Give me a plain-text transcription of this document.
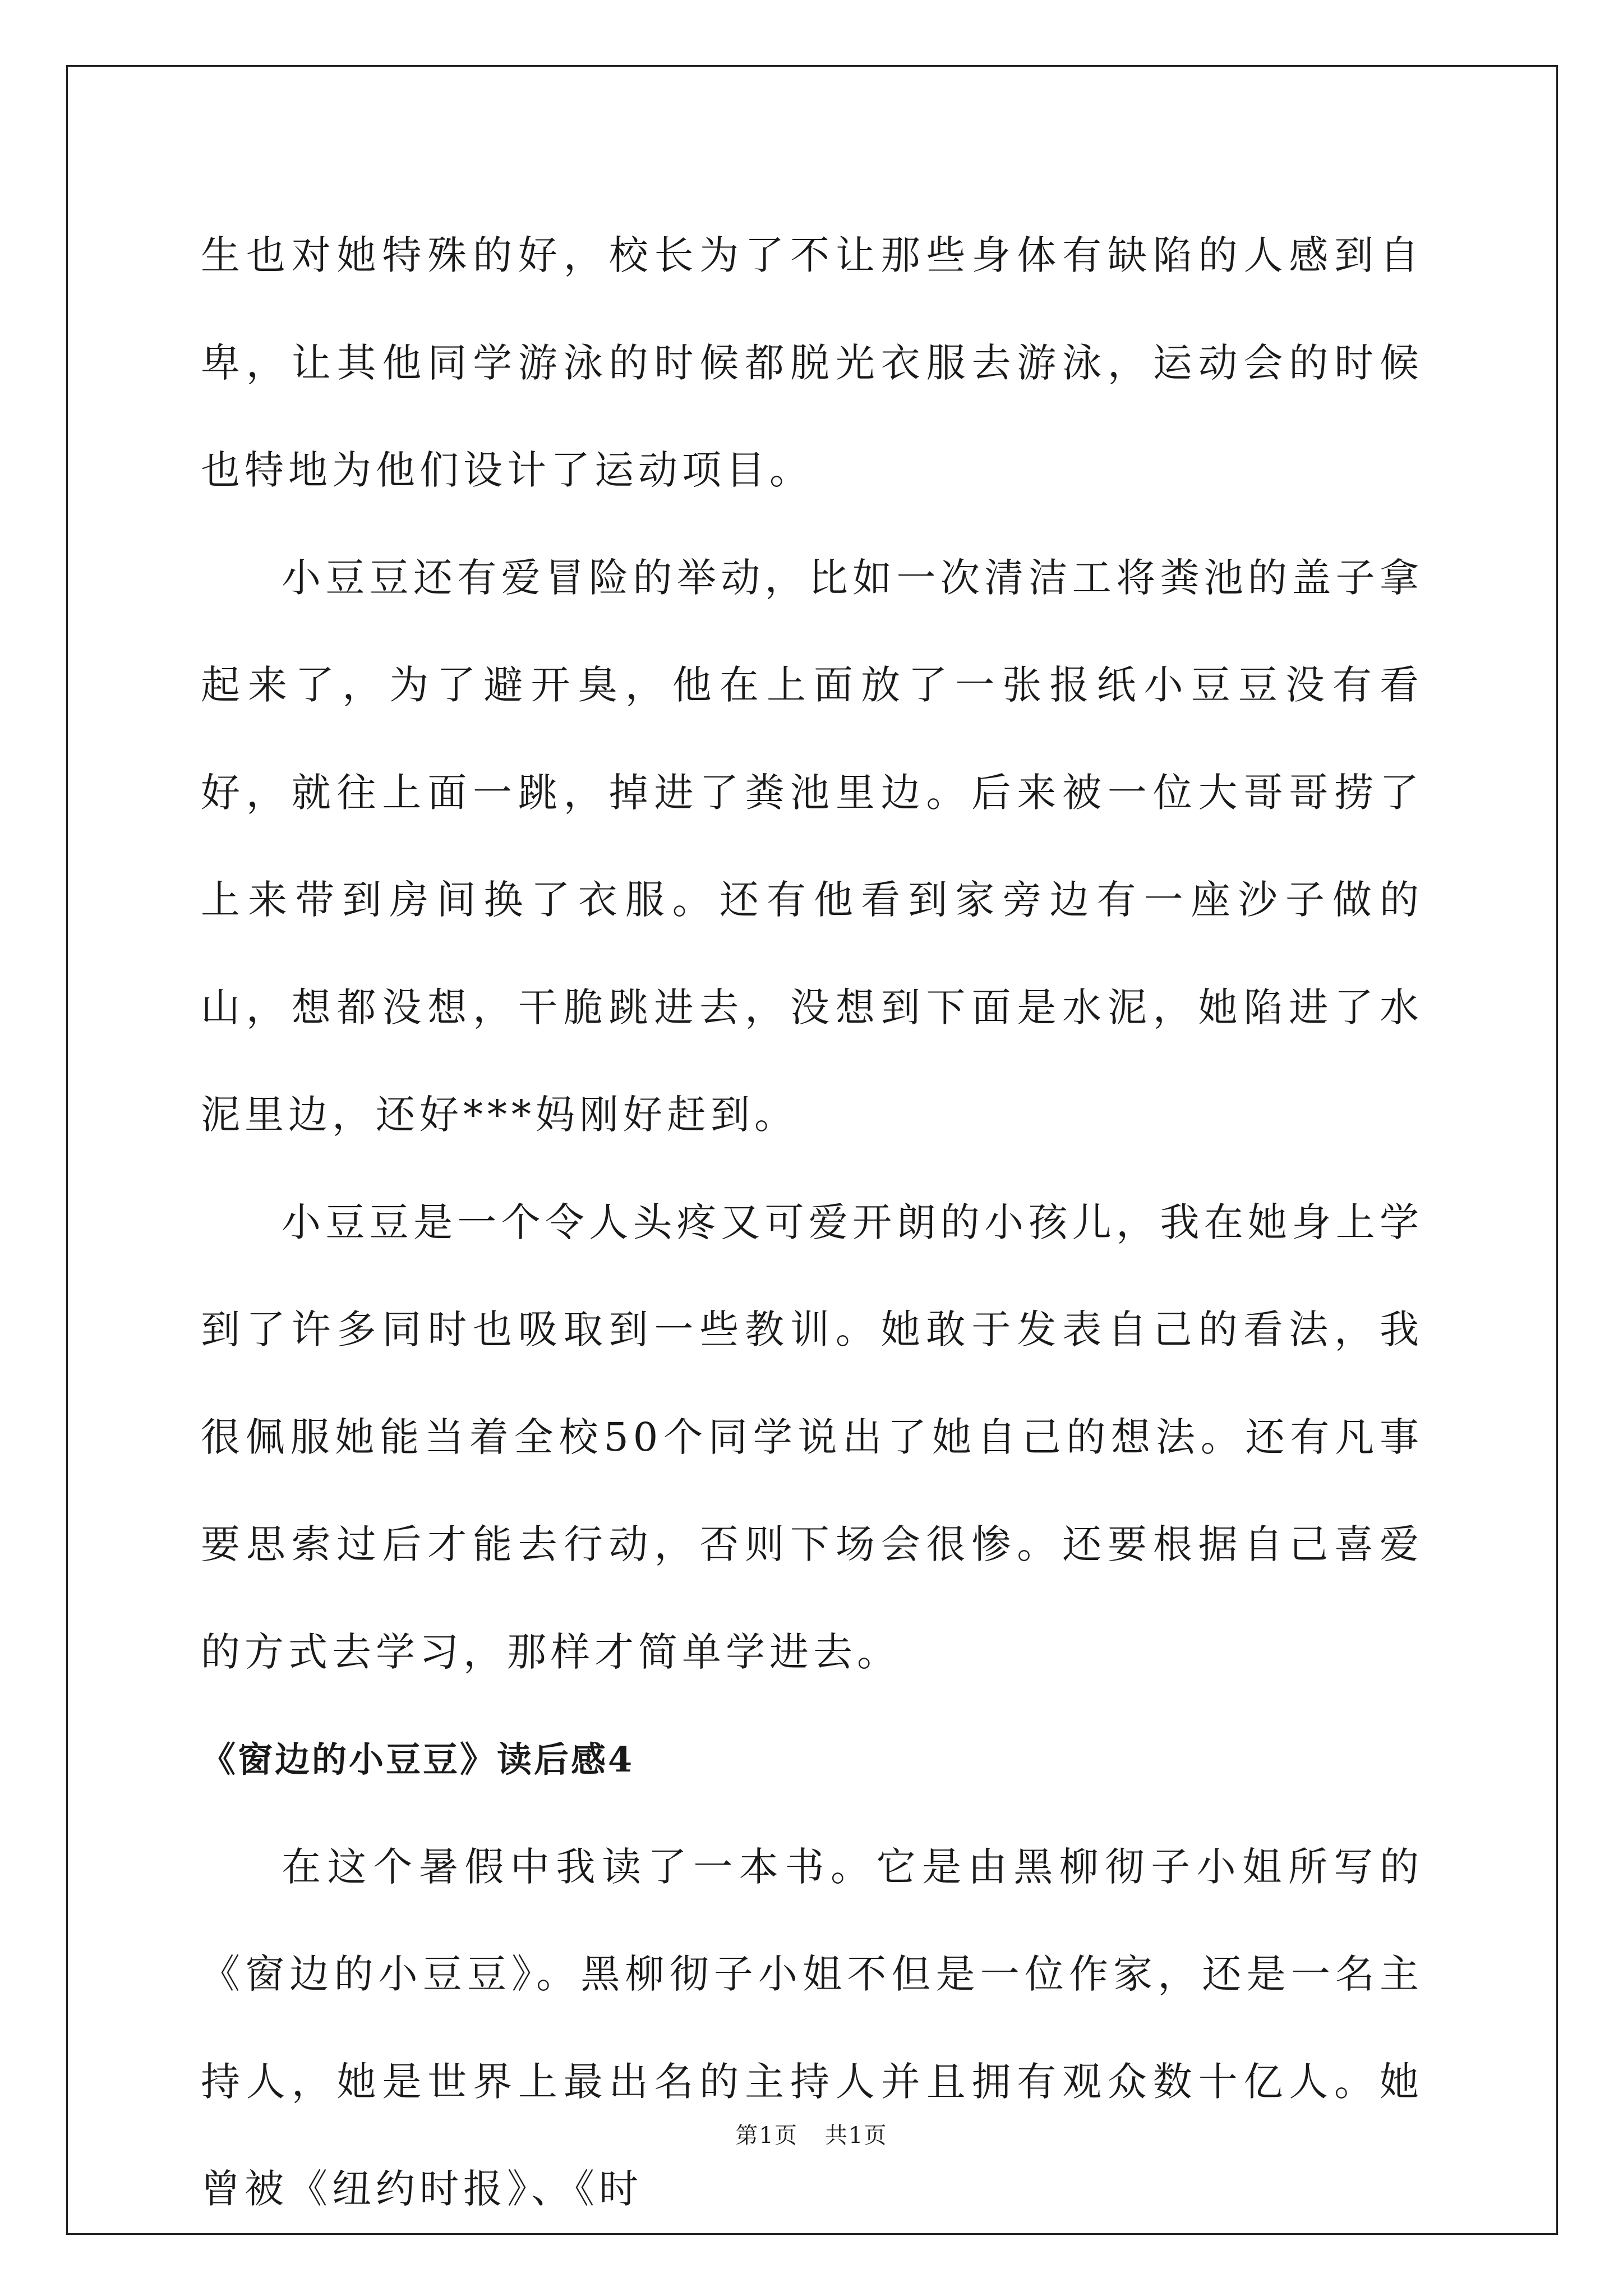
生也对她特殊的好，校长为了不让那些身体有缺陷的人感到自卑，让其他同学游泳的时候都脱光衣服去游泳，运动会的时候也特地为他们设计了运动项目。

小豆豆还有爱冒险的举动，比如一次清洁工将粪池的盖子拿起来了，为了避开臭，他在上面放了一张报纸小豆豆没有看好，就往上面一跳，掉进了粪池里边。后来被一位大哥哥捞了上来带到房间换了衣服。还有他看到家旁边有一座沙子做的山，想都没想，干脆跳进去，没想到下面是水泥，她陷进了水泥里边，还好***妈刚好赶到。

小豆豆是一个令人头疼又可爱开朗的小孩儿，我在她身上学到了许多同时也吸取到一些教训。她敢于发表自己的看法，我很佩服她能当着全校50个同学说出了她自己的想法。还有凡事要思索过后才能去行动，否则下场会很惨。还要根据自己喜爱的方式去学习，那样才简单学进去。

《窗边的小豆豆》读后感4

在这个暑假中我读了一本书。它是由黑柳彻子小姐所写的《窗边的小豆豆》。黑柳彻子小姐不但是一位作家，还是一名主持人，她是世界上最出名的主持人并且拥有观众数十亿人。她曾被《纽约时报》、《时

第1页 共1页
